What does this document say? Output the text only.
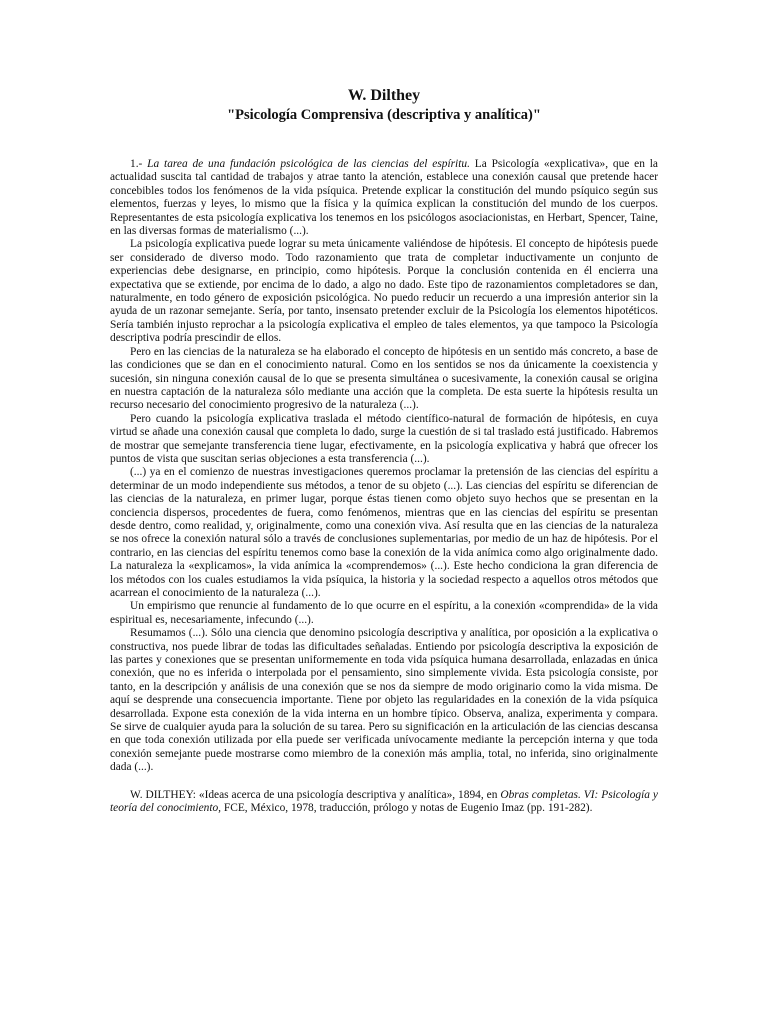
W. Dilthey
"Psicología Comprensiva (descriptiva y analítica)"

1.- La tarea de una fundación psicológica de las ciencias del espíritu. La Psicología «explicativa», que en la actualidad suscita tal cantidad de trabajos y atrae tanto la atención, establece una conexión causal que pretende hacer concebibles todos los fenómenos de la vida psíquica. Pretende explicar la constitución del mundo psíquico según sus elementos, fuerzas y leyes, lo mismo que la física y la química explican la constitución del mundo de los cuerpos. Representantes de esta psicología explicativa los tenemos en los psicólogos asociacionistas, en Herbart, Spencer, Taine, en las diversas formas de materialismo (...).

La psicología explicativa puede lograr su meta únicamente valiéndose de hipótesis. El concepto de hipótesis puede ser considerado de diverso modo. Todo razonamiento que trata de completar inductivamente un conjunto de experiencias debe designarse, en principio, como hipótesis. Porque la conclusión contenida en él encierra una expectativa que se extiende, por encima de lo dado, a algo no dado. Este tipo de razonamientos completadores se dan, naturalmente, en todo género de exposición psicológica. No puedo reducir un recuerdo a una impresión anterior sin la ayuda de un razonar semejante. Sería, por tanto, insensato pretender excluir de la Psicología los elementos hipotéticos. Sería también injusto reprochar a la psicología explicativa el empleo de tales elementos, ya que tampoco la Psicología descriptiva podría prescindir de ellos.

Pero en las ciencias de la naturaleza se ha elaborado el concepto de hipótesis en un sentido más concreto, a base de las condiciones que se dan en el conocimiento natural. Como en los sentidos se nos da únicamente la coexistencia y sucesión, sin ninguna conexión causal de lo que se presenta simultánea o sucesivamente, la conexión causal se origina en nuestra captación de la naturaleza sólo mediante una acción que la completa. De esta suerte la hipótesis resulta un recurso necesario del conocimiento progresivo de la naturaleza (...).

Pero cuando la psicología explicativa traslada el método científico-natural de formación de hipótesis, en cuya virtud se añade una conexión causal que completa lo dado, surge la cuestión de si tal traslado está justificado. Habremos de mostrar que semejante transferencia tiene lugar, efectivamente, en la psicología explicativa y habrá que ofrecer los puntos de vista que suscitan serias objeciones a esta transferencia (...).

(...) ya en el comienzo de nuestras investigaciones queremos proclamar la pretensión de las ciencias del espíritu a determinar de un modo independiente sus métodos, a tenor de su objeto (...). Las ciencias del espíritu se diferencian de las ciencias de la naturaleza, en primer lugar, porque éstas tienen como objeto suyo hechos que se presentan en la conciencia dispersos, procedentes de fuera, como fenómenos, mientras que en las ciencias del espíritu se presentan desde dentro, como realidad, y, originalmente, como una conexión viva. Así resulta que en las ciencias de la naturaleza se nos ofrece la conexión natural sólo a través de conclusiones suplementarias, por medio de un haz de hipótesis. Por el contrario, en las ciencias del espíritu tenemos como base la conexión de la vida anímica como algo originalmente dado. La naturaleza la «explicamos», la vida anímica la «comprendemos» (...). Este hecho condiciona la gran diferencia de los métodos con los cuales estudiamos la vida psíquica, la historia y la sociedad respecto a aquellos otros métodos que acarrean el conocimiento de la naturaleza (...).

Un empirismo que renuncie al fundamento de lo que ocurre en el espíritu, a la conexión «comprendida» de la vida espiritual es, necesariamente, infecundo (...).

Resumamos (...). Sólo una ciencia que denomino psicología descriptiva y analítica, por oposición a la explicativa o constructiva, nos puede librar de todas las dificultades señaladas. Entiendo por psicología descriptiva la exposición de las partes y conexiones que se presentan uniformemente en toda vida psíquica humana desarrollada, enlazadas en única conexión, que no es inferida o interpolada por el pensamiento, sino simplemente vivida. Esta psicología consiste, por tanto, en la descripción y análisis de una conexión que se nos da siempre de modo originario como la vida misma. De aquí se desprende una consecuencia importante. Tiene por objeto las regularidades en la conexión de la vida psíquica desarrollada. Expone esta conexión de la vida interna en un hombre típico. Observa, analiza, experimenta y compara. Se sirve de cualquier ayuda para la solución de su tarea. Pero su significación en la articulación de las ciencias descansa en que toda conexión utilizada por ella puede ser verificada unívocamente mediante la percepción interna y que toda conexión semejante puede mostrarse como miembro de la conexión más amplia, total, no inferida, sino originalmente dada (...).

W. DILTHEY: «Ideas acerca de una psicología descriptiva y analítica», 1894, en Obras completas. VI: Psicología y teoría del conocimiento, FCE, México, 1978, traducción, prólogo y notas de Eugenio Imaz (pp. 191-282).
